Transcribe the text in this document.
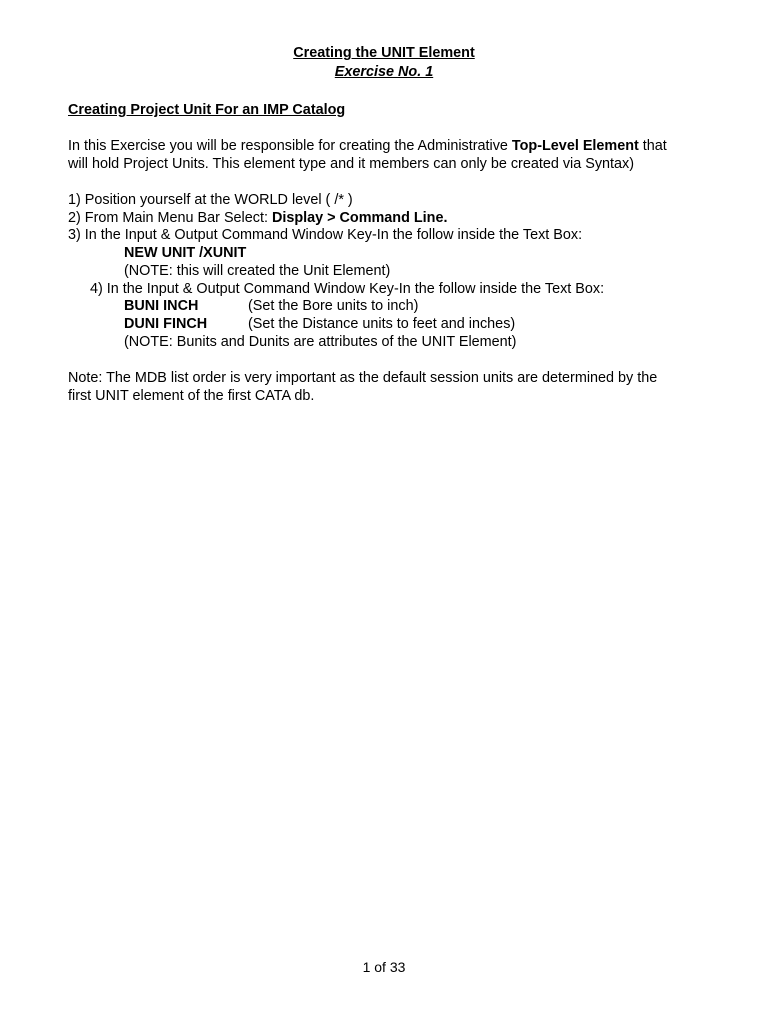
Creating the UNIT Element
Exercise No. 1
Creating Project Unit For an IMP Catalog
In this Exercise you will be responsible for creating the Administrative Top-Level Element that
will hold Project Units. This element type and it members can only be created via Syntax)
1) Position yourself at the WORLD level ( /* )
2) From Main Menu Bar Select: Display > Command Line.
3) In the Input & Output Command Window Key-In the follow inside the Text Box:
NEW UNIT /XUNIT
(NOTE: this will created the Unit Element)
4) In the Input & Output Command Window Key-In the follow inside the Text Box:
BUNI INCH	(Set the Bore units to inch)
DUNI FINCH	(Set the Distance units to feet and inches)
(NOTE: Bunits and Dunits are attributes of the UNIT Element)
Note: The MDB list order is very important as the default session units are determined by the
first UNIT element of the first CATA db.
1 of 33
